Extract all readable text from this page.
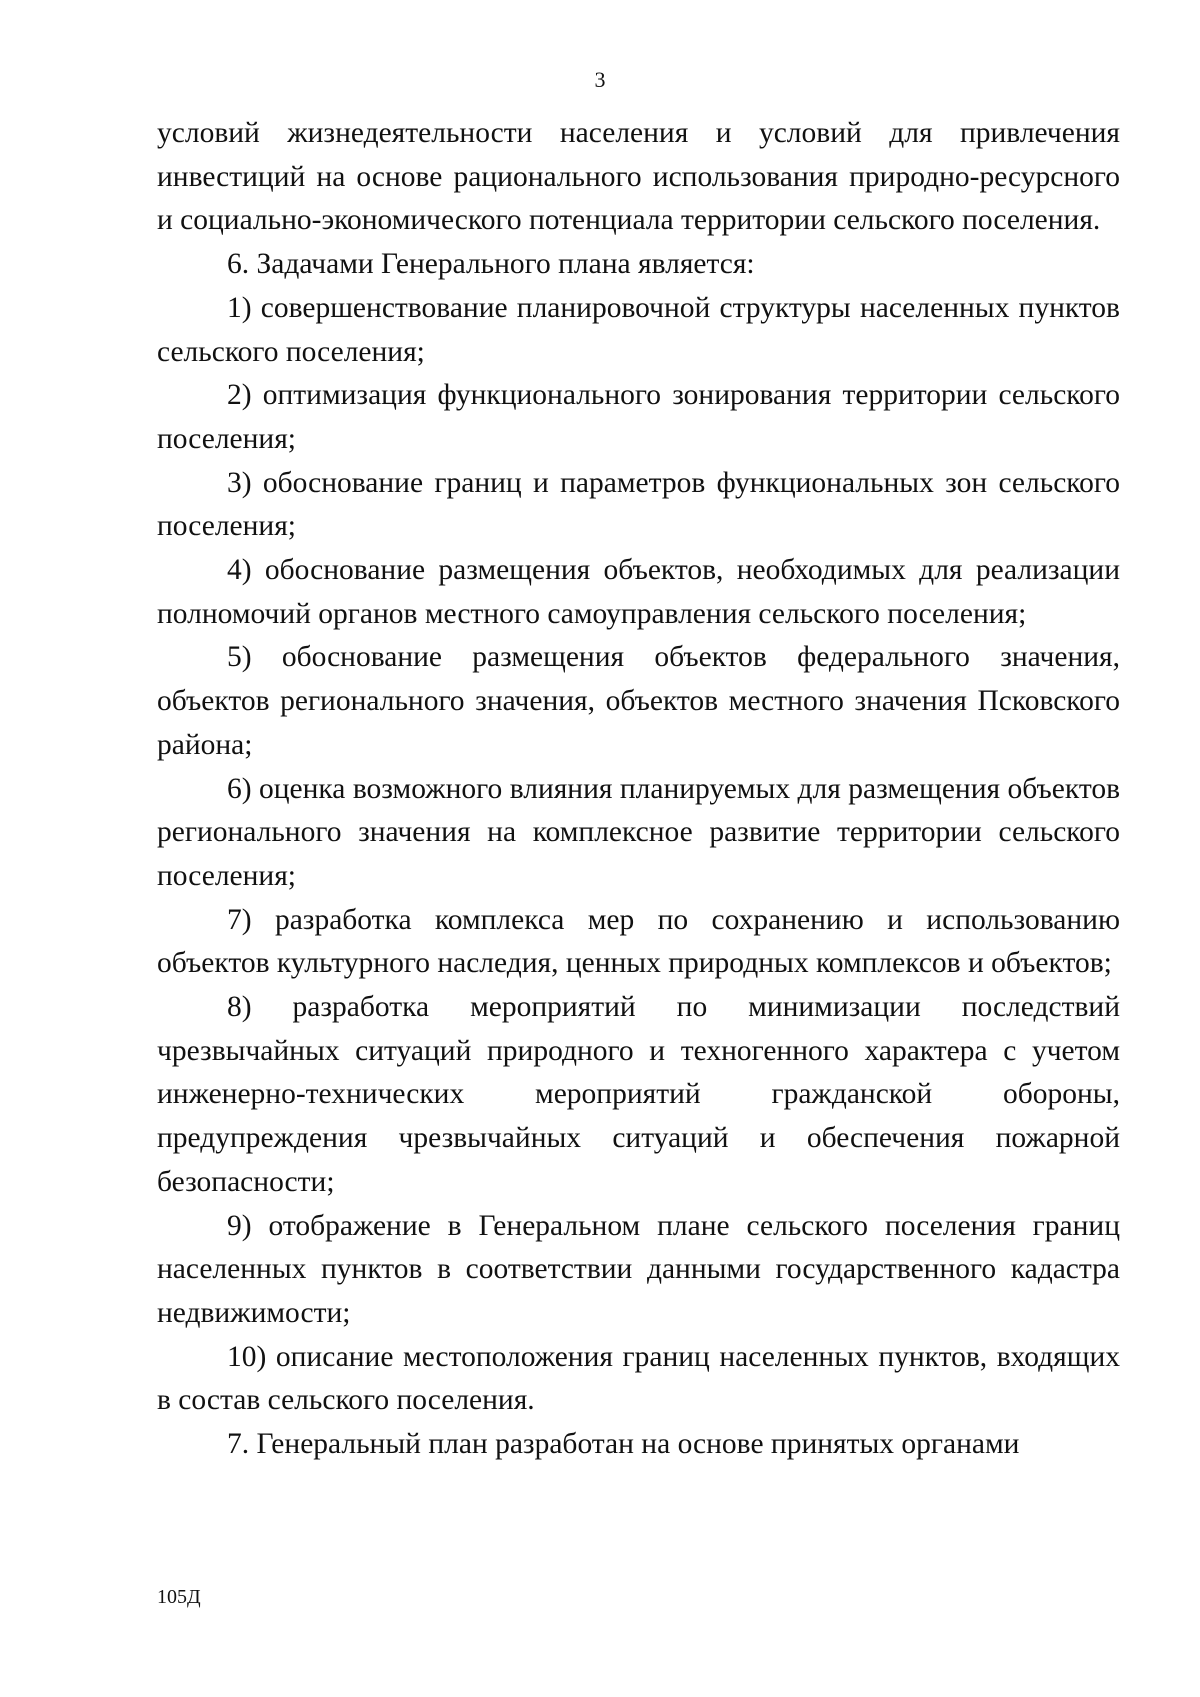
3

условий жизнедеятельности населения и условий для привлечения инвестиций на основе рационального использования природно-ресурсного и социально-экономического потенциала территории сельского поселения.

6. Задачами Генерального плана является:

1) совершенствование планировочной структуры населенных пунктов сельского поселения;

2) оптимизация функционального зонирования территории сельского поселения;

3) обоснование границ и параметров функциональных зон сельского поселения;

4) обоснование размещения объектов, необходимых для реализации полномочий органов местного самоуправления сельского поселения;

5) обоснование размещения объектов федерального значения, объектов регионального значения, объектов местного значения Псковского района;

6) оценка возможного влияния планируемых для размещения объектов регионального значения на комплексное развитие территории сельского поселения;

7) разработка комплекса мер по сохранению и использованию объектов культурного наследия, ценных природных комплексов и объектов;

8) разработка мероприятий по минимизации последствий чрезвычайных ситуаций природного и техногенного характера с учетом инженерно-технических мероприятий гражданской обороны, предупреждения чрезвычайных ситуаций и обеспечения пожарной безопасности;

9) отображение в Генеральном плане сельского поселения границ населенных пунктов в соответствии данными государственного кадастра недвижимости;

10) описание местоположения границ населенных пунктов, входящих в состав сельского поселения.

7. Генеральный план разработан на основе принятых органами

105Д
